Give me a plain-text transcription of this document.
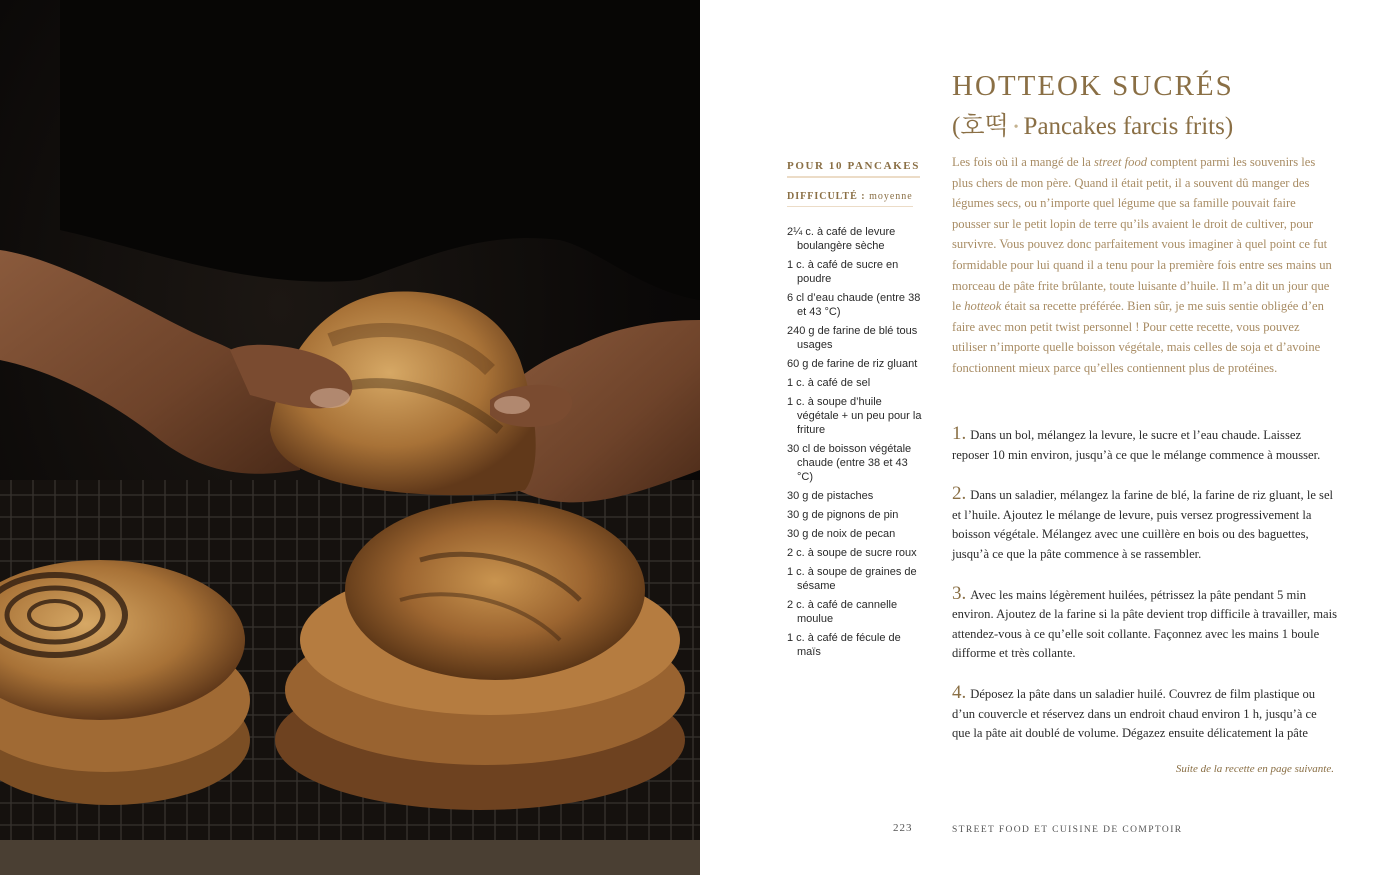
HOTTEOK SUCRÉS
(호떡 • Pancakes farcis frits)
POUR 10 PANCAKES
DIFFICULTÉ : moyenne
2¼ c. à café de levure boulangère sèche
1 c. à café de sucre en poudre
6 cl d’eau chaude (entre 38 et 43 °C)
240 g de farine de blé tous usages
60 g de farine de riz gluant
1 c. à café de sel
1 c. à soupe d’huile végétale + un peu pour la friture
30 cl de boisson végétale chaude (entre 38 et 43 °C)
30 g de pistaches
30 g de pignons de pin
30 g de noix de pecan
2 c. à soupe de sucre roux
1 c. à soupe de graines de sésame
2 c. à café de cannelle moulue
1 c. à café de fécule de maïs

Les fois où il a mangé de la street food comptent parmi les souvenirs les plus chers de mon père. Quand il était petit, il a souvent dû manger des légumes secs, ou n’importe quel légume que sa famille pouvait faire pousser sur le petit lopin de terre qu’ils avaient le droit de cultiver, pour survivre. Vous pouvez donc parfaitement vous imaginer à quel point ce fut formidable pour lui quand il a tenu pour la première fois entre ses mains un morceau de pâte frite brûlante, toute luisante d’huile. Il m’a dit un jour que le hotteok était sa recette préférée. Bien sûr, je me suis sentie obligée d’en faire avec mon petit twist personnel ! Pour cette recette, vous pouvez utiliser n’importe quelle boisson végétale, mais celles de soja et d’avoine fonctionnent mieux parce qu’elles contiennent plus de protéines.

1. Dans un bol, mélangez la levure, le sucre et l’eau chaude. Laissez reposer 10 min environ, jusqu’à ce que le mélange commence à mousser.

2. Dans un saladier, mélangez la farine de blé, la farine de riz gluant, le sel et l’huile. Ajoutez le mélange de levure, puis versez progressivement la boisson végétale. Mélangez avec une cuillère en bois ou des baguettes, jusqu’à ce que la pâte commence à se rassembler.

3. Avec les mains légèrement huilées, pétrissez la pâte pendant 5 min environ. Ajoutez de la farine si la pâte devient trop difficile à travailler, mais attendez-vous à ce qu’elle soit collante. Façonnez avec les mains 1 boule difforme et très collante.

4. Déposez la pâte dans un saladier huilé. Couvrez de film plastique ou d’un couvercle et réservez dans un endroit chaud environ 1 h, jusqu’à ce que la pâte ait doublé de volume. Dégazez ensuite délicatement la pâte

Suite de la recette en page suivante.
223	STREET FOOD ET CUISINE DE COMPTOIR
